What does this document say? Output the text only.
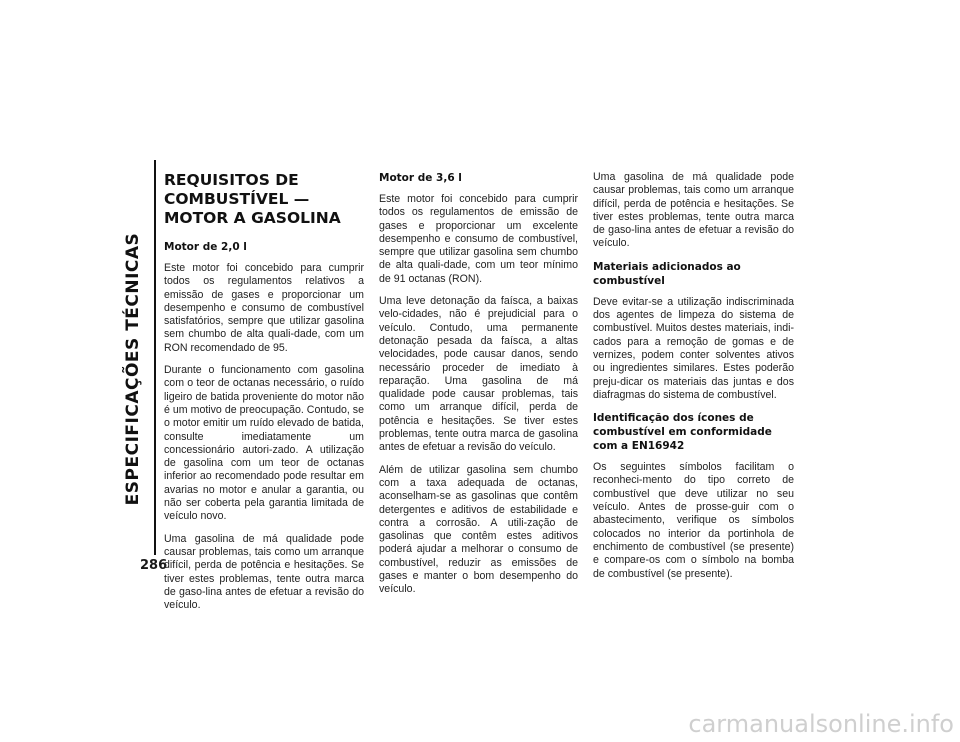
ESPECIFICAÇÕES TÉCNICAS
286
REQUISITOS DE COMBUSTÍVEL — MOTOR A GASOLINA
Motor de 2,0 l

Este motor foi concebido para cumprir todos os regulamentos relativos a emissão de gases e proporcionar um desempenho e consumo de combustível satisfatórios, sempre que utilizar gasolina sem chumbo de alta quali-dade, com um RON recomendado de 95.

Durante o funcionamento com gasolina com o teor de octanas necessário, o ruído ligeiro de batida proveniente do motor não é um motivo de preocupação. Contudo, se o motor emitir um ruído elevado de batida, consulte imediatamente um concessionário autori-zado. A utilização de gasolina com um teor de octanas inferior ao recomendado pode resultar em avarias no motor e anular a garantia, ou não ser coberta pela garantia limitada de veículo novo.

Uma gasolina de má qualidade pode causar problemas, tais como um arranque difícil, perda de potência e hesitações. Se tiver estes problemas, tente outra marca de gaso-lina antes de efetuar a revisão do veículo.

Motor de 3,6 l

Este motor foi concebido para cumprir todos os regulamentos de emissão de gases e proporcionar um excelente desempenho e consumo de combustível, sempre que utilizar gasolina sem chumbo de alta quali-dade, com um teor mínimo de 91 octanas (RON).

Uma leve detonação da faísca, a baixas velo-cidades, não é prejudicial para o veículo. Contudo, uma permanente detonação pesada da faísca, a altas velocidades, pode causar danos, sendo necessário proceder de imediato à reparação. Uma gasolina de má qualidade pode causar problemas, tais como um arranque difícil, perda de potência e hesitações. Se tiver estes problemas, tente outra marca de gasolina antes de efetuar a revisão do veículo.

Além de utilizar gasolina sem chumbo com a taxa adequada de octanas, aconselham-se as gasolinas que contêm detergentes e aditivos de estabilidade e contra a corrosão. A utili-zação de gasolinas que contêm estes aditivos poderá ajudar a melhorar o consumo de combustível, reduzir as emissões de gases e manter o bom desempenho do veículo.

Uma gasolina de má qualidade pode causar problemas, tais como um arranque difícil, perda de potência e hesitações. Se tiver estes problemas, tente outra marca de gaso-lina antes de efetuar a revisão do veículo.

Materiais adicionados ao combustível

Deve evitar-se a utilização indiscriminada dos agentes de limpeza do sistema de combustível. Muitos destes materiais, indi-cados para a remoção de gomas e de vernizes, podem conter solventes ativos ou ingredientes similares. Estes poderão preju-dicar os materiais das juntas e dos diafragmas do sistema de combustível.

Identificação dos ícones de combustível em conformidade com a EN16942

Os seguintes símbolos facilitam o reconheci-mento do tipo correto de combustível que deve utilizar no seu veículo. Antes de prosse-guir com o abastecimento, verifique os símbolos colocados no interior da portinhola de enchimento de combustível (se presente) e compare-os com o símbolo na bomba de combustível (se presente).

carmanualsonline.info
